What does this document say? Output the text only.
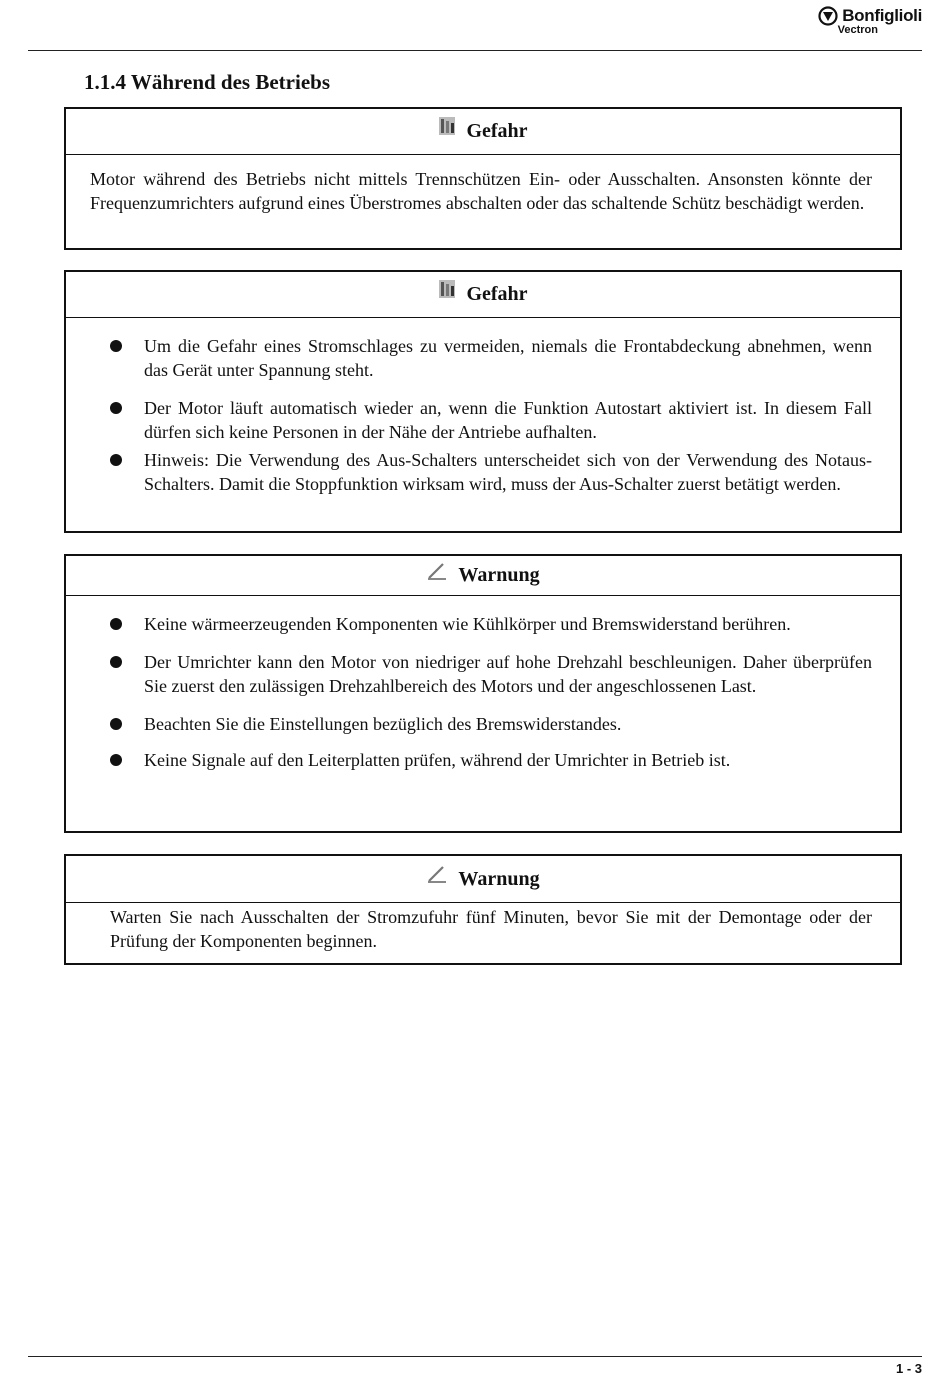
Bonfiglioli
Vectron
1.1.4 Während des Betriebs
Gefahr
Motor während des Betriebs nicht mittels Trennschützen Ein- oder Ausschalten. Ansonsten könnte der Frequenzumrichters aufgrund eines Überstromes abschalten oder das schaltende Schütz beschädigt werden.
Gefahr
Um die Gefahr eines Stromschlages zu vermeiden, niemals die Frontabdeckung abnehmen, wenn das Gerät unter Spannung steht.
Der Motor läuft automatisch wieder an, wenn die Funktion Autostart aktiviert ist. In diesem Fall dürfen sich keine Personen in der Nähe der Antriebe aufhalten.
Hinweis: Die Verwendung des Aus-Schalters unterscheidet sich von der Verwendung des Notaus-Schalters. Damit die Stoppfunktion wirksam wird, muss der Aus-Schalter zuerst betätigt werden.
Warnung
Keine wärmeerzeugenden Komponenten wie Kühlkörper und Bremswiderstand berühren.
Der Umrichter kann den Motor von niedriger auf hohe Drehzahl beschleunigen. Daher überprüfen Sie zuerst den zulässigen Drehzahlbereich des Motors und der angeschlossenen Last.
Beachten Sie die Einstellungen bezüglich des Bremswiderstandes.
Keine Signale auf den Leiterplatten prüfen, während der Umrichter in Betrieb ist.
Warnung
Warten Sie nach Ausschalten der Stromzufuhr fünf Minuten, bevor Sie mit der Demontage oder der Prüfung der Komponenten beginnen.
1 - 3
